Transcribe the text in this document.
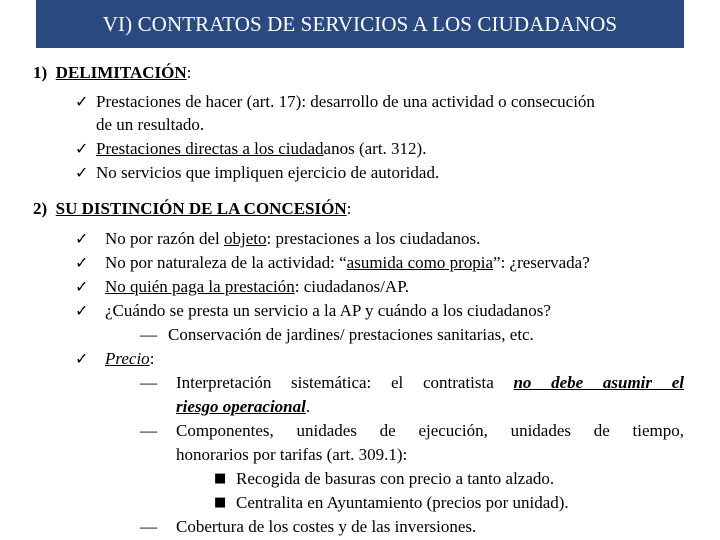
VI) CONTRATOS DE SERVICIOS A LOS CIUDADANOS
1) DELIMITACIÓN:
✓ Prestaciones de hacer (art. 17): desarrollo de una actividad o consecución
de un resultado.
✓ Prestaciones directas a los ciudadanos (art. 312).
✓ No servicios que impliquen ejercicio de autoridad.
2) SU DISTINCIÓN DE LA CONCESIÓN:
✓ No por razón del objeto: prestaciones a los ciudadanos.
✓ No por naturaleza de la actividad: “asumida como propia”: ¿reservada?
✓ No quién paga la prestación: ciudadanos/AP.
✓ ¿Cuándo se presta un servicio a la AP y cuándo a los ciudadanos?
— Conservación de jardines/ prestaciones sanitarias, etc.
✓ Precio:
— Interpretación sistemática: el contratista no debe asumir el
riesgo operacional.
— Componentes, unidades de ejecución, unidades de tiempo,
honorarios por tarifas (art. 309.1):
■ Recogida de basuras con precio a tanto alzado.
■ Centralita en Ayuntamiento (precios por unidad).
— Cobertura de los costes y de las inversiones.
